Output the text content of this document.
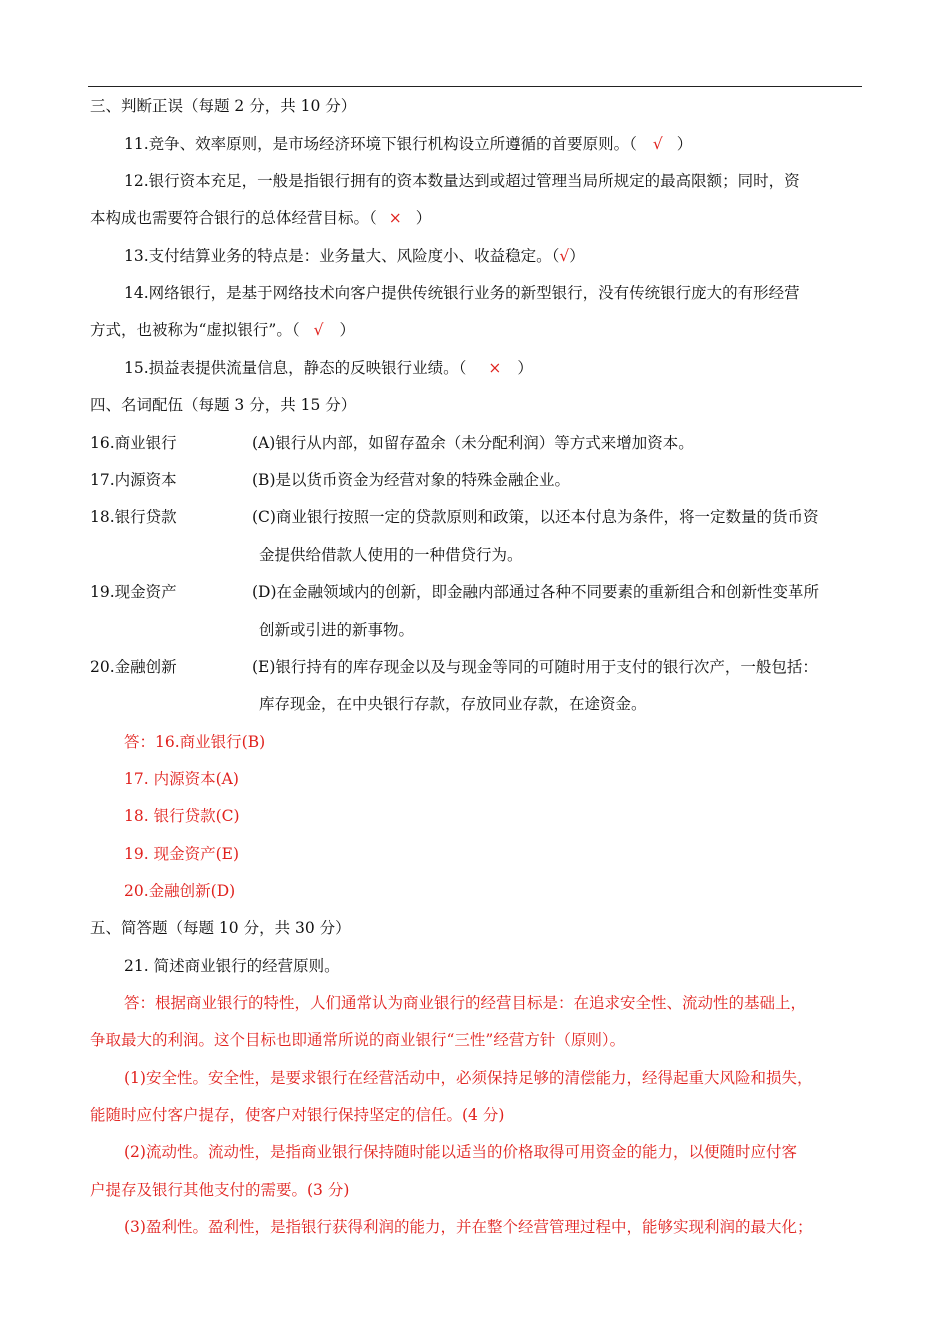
三、判断正误（每题 2 分，共 10 分）
11.竞争、效率原则，是市场经济环境下银行机构设立所遵循的首要原则。（ √ ）
12.银行资本充足，一般是指银行拥有的资本数量达到或超过管理当局所规定的最高限额；同时，资
本构成也需要符合银行的总体经营目标。（ × ）
13.支付结算业务的特点是：业务量大、风险度小、收益稳定。（√）
14.网络银行，是基于网络技术向客户提供传统银行业务的新型银行，没有传统银行庞大的有形经营
方式，也被称为“虚拟银行”。（ √ ）
15.损益表提供流量信息，静态的反映银行业绩。（ × ）
四、名词配伍（每题 3 分，共 15 分）
16.商业银行	(A)银行从内部，如留存盈余（未分配利润）等方式来增加资本。
17.内源资本	(B)是以货币资金为经营对象的特殊金融企业。
18.银行贷款	(C)商业银行按照一定的贷款原则和政策，以还本付息为条件，将一定数量的货币资
金提供给借款人使用的一种借贷行为。
19.现金资产	(D)在金融领域内的创新，即金融内部通过各种不同要素的重新组合和创新性变革所
创新或引进的新事物。
20.金融创新	(E)银行持有的库存现金以及与现金等同的可随时用于支付的银行次产，一般包括：
库存现金，在中央银行存款，存放同业存款，在途资金。
答：16.商业银行(B)
17. 内源资本(A)
18. 银行贷款(C)
19. 现金资产(E)
20.金融创新(D)
五、简答题（每题 10 分，共 30 分）
21. 简述商业银行的经营原则。
答：根据商业银行的特性，人们通常认为商业银行的经营目标是：在追求安全性、流动性的基础上，
争取最大的利润。这个目标也即通常所说的商业银行“三性”经营方针（原则）。
(1)安全性。安全性，是要求银行在经营活动中，必须保持足够的清偿能力，经得起重大风险和损失，
能随时应付客户提存，使客户对银行保持坚定的信任。(4 分)
(2)流动性。流动性，是指商业银行保持随时能以适当的价格取得可用资金的能力，以便随时应付客
户提存及银行其他支付的需要。(3 分)
(3)盈利性。盈利性，是指银行获得利润的能力，并在整个经营管理过程中，能够实现利润的最大化；
